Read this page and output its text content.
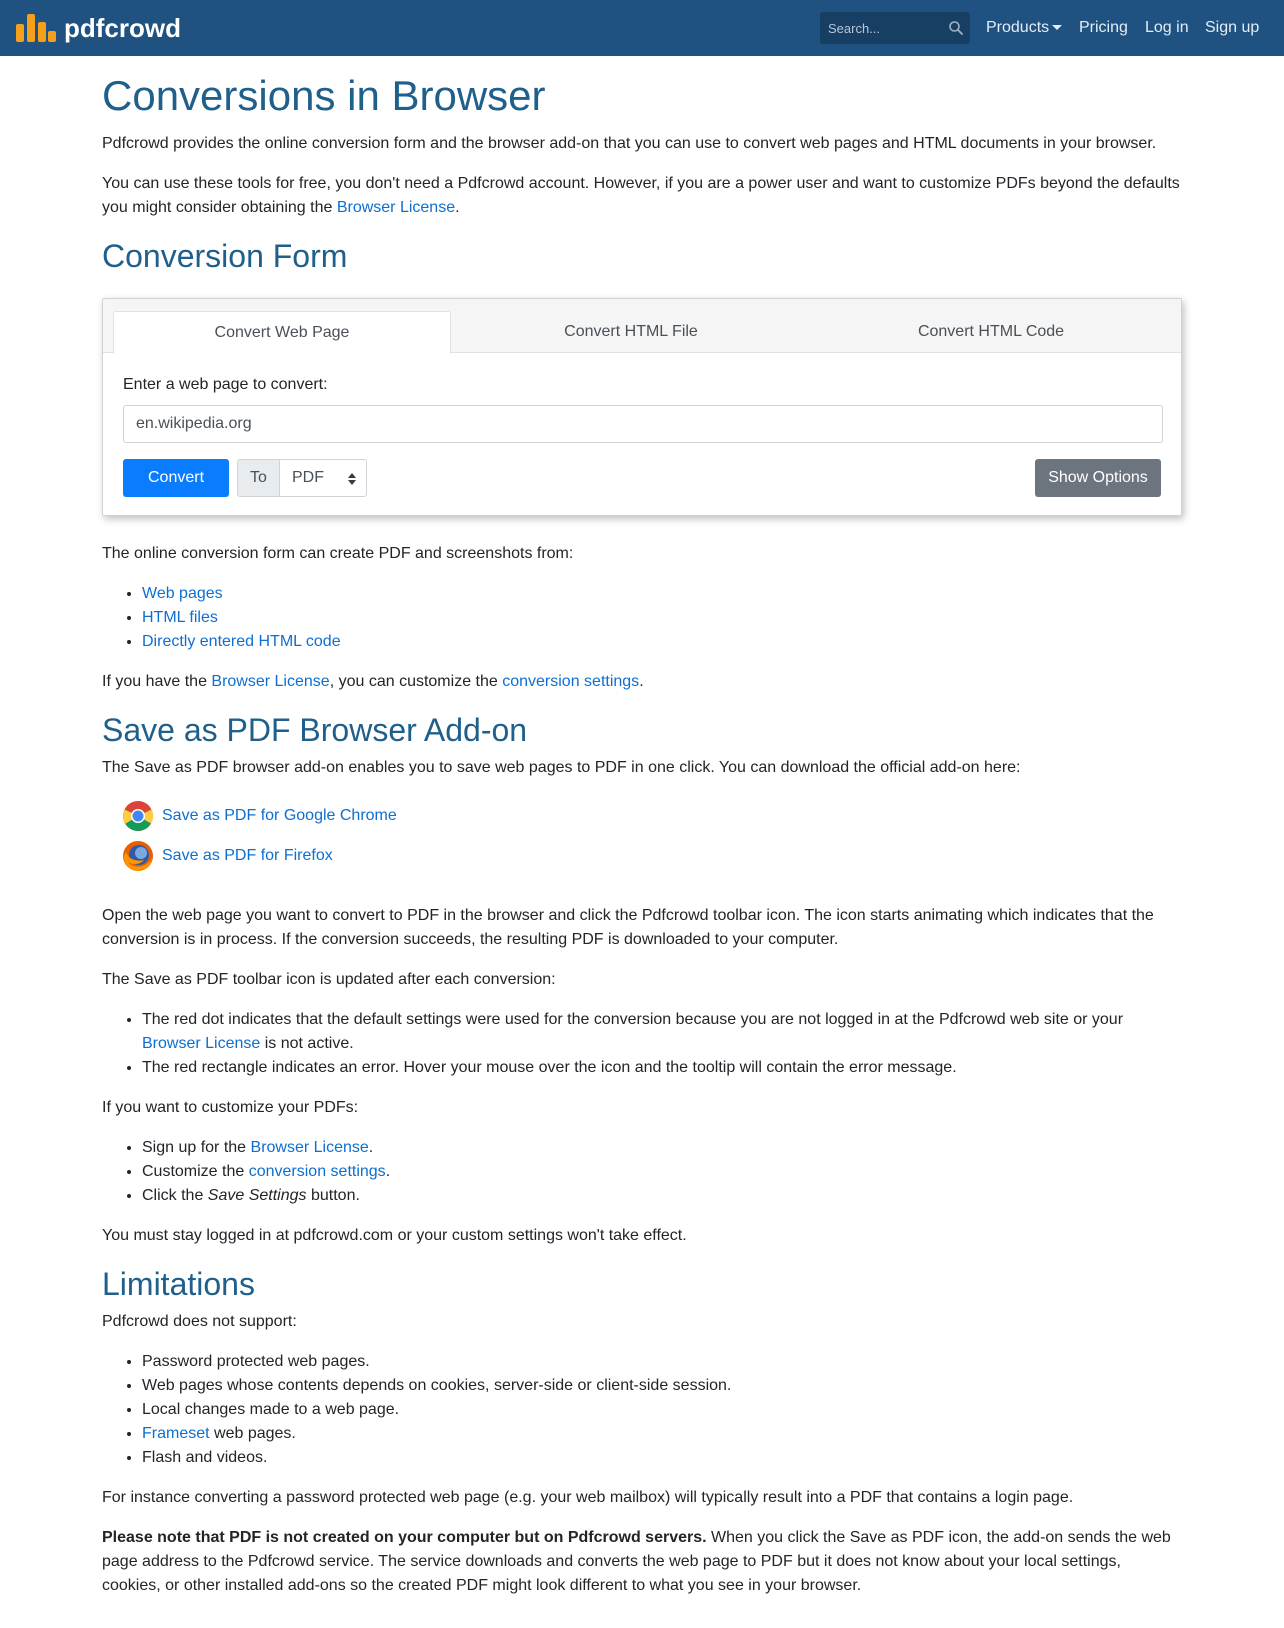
pdfcrowd
Search...	Products	Pricing Log in Sign up
Conversions in Browser

Pdfcrowd provides the online conversion form and the browser add-on that you can use to convert web pages and HTML documents in your browser.

You can use these tools for free, you don't need a Pdfcrowd account. However, if you are a power user and want to customize PDFs beyond the defaults you might consider obtaining the Browser License.

Conversion Form
Convert Web Page	Convert HTML File	Convert HTML Code
Enter a web page to convert:
en.wikipedia.org
Convert	To	PDF	Show Options

The online conversion form can create PDF and screenshots from:

• Web pages
• HTML files
• Directly entered HTML code

If you have the Browser License, you can customize the conversion settings.

Save as PDF Browser Add-on

The Save as PDF browser add-on enables you to save web pages to PDF in one click. You can download the official add-on here:

Save as PDF for Google Chrome
Save as PDF for Firefox

Open the web page you want to convert to PDF in the browser and click the Pdfcrowd toolbar icon. The icon starts animating which indicates that the conversion is in process. If the conversion succeeds, the resulting PDF is downloaded to your computer.

The Save as PDF toolbar icon is updated after each conversion:

• The red dot indicates that the default settings were used for the conversion because you are not logged in at the Pdfcrowd web site or your Browser License is not active.
• The red rectangle indicates an error. Hover your mouse over the icon and the tooltip will contain the error message.

If you want to customize your PDFs:

• Sign up for the Browser License.
• Customize the conversion settings.
• Click the Save Settings button.

You must stay logged in at pdfcrowd.com or your custom settings won't take effect.

Limitations

Pdfcrowd does not support:

• Password protected web pages.
• Web pages whose contents depends on cookies, server-side or client-side session.
• Local changes made to a web page.
• Frameset web pages.
• Flash and videos.

For instance converting a password protected web page (e.g. your web mailbox) will typically result into a PDF that contains a login page.

Please note that PDF is not created on your computer but on Pdfcrowd servers. When you click the Save as PDF icon, the add-on sends the web page address to the Pdfcrowd service. The service downloads and converts the web page to PDF but it does not know about your local settings, cookies, or other installed add-ons so the created PDF might look different to what you see in your browser.
